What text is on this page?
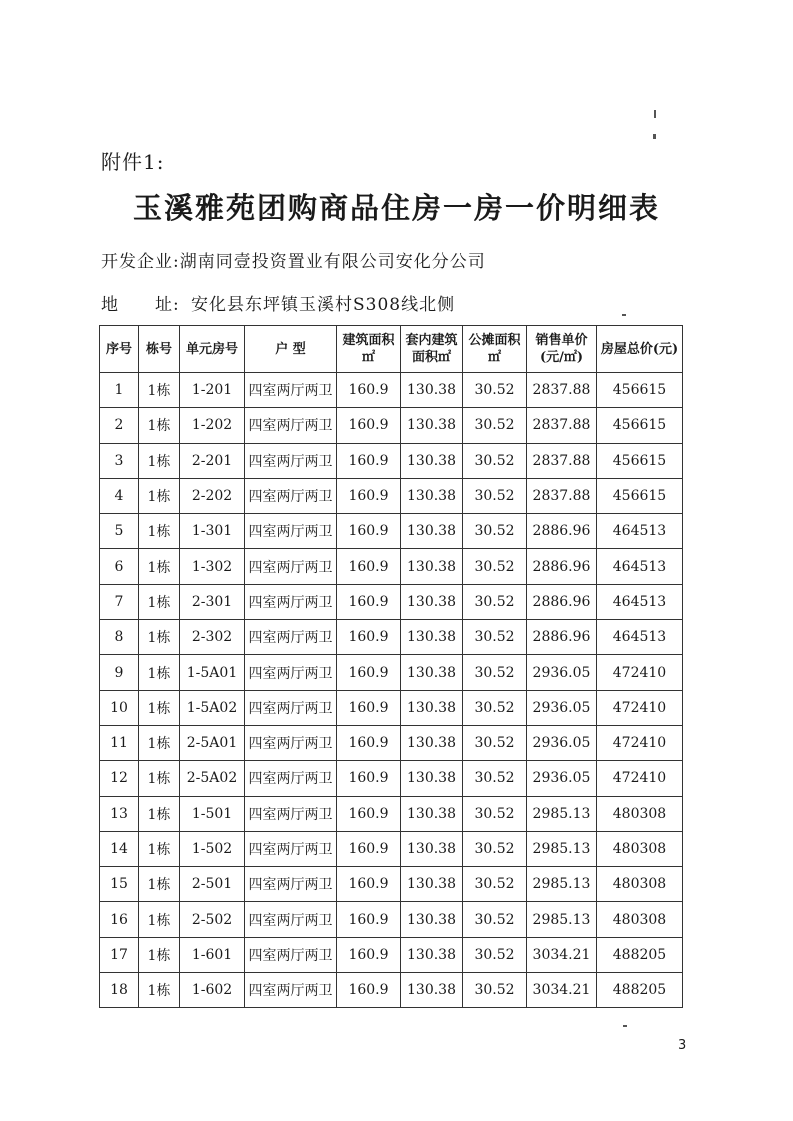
附件1:
玉溪雅苑团购商品住房一房一价明细表
开发企业:湖南同壹投资置业有限公司安化分公司
地　　址: 安化县东坪镇玉溪村S308线北侧
序号	栋号	单元房号	户 型	建筑面积㎡	套内建筑面积㎡	公摊面积㎡	销售单价(元/㎡)	房屋总价(元)
1	1栋	1-201	四室两厅两卫	160.9	130.38	30.52	2837.88	456615
2	1栋	1-202	四室两厅两卫	160.9	130.38	30.52	2837.88	456615
3	1栋	2-201	四室两厅两卫	160.9	130.38	30.52	2837.88	456615
4	1栋	2-202	四室两厅两卫	160.9	130.38	30.52	2837.88	456615
5	1栋	1-301	四室两厅两卫	160.9	130.38	30.52	2886.96	464513
6	1栋	1-302	四室两厅两卫	160.9	130.38	30.52	2886.96	464513
7	1栋	2-301	四室两厅两卫	160.9	130.38	30.52	2886.96	464513
8	1栋	2-302	四室两厅两卫	160.9	130.38	30.52	2886.96	464513
9	1栋	1-5A01	四室两厅两卫	160.9	130.38	30.52	2936.05	472410
10	1栋	1-5A02	四室两厅两卫	160.9	130.38	30.52	2936.05	472410
11	1栋	2-5A01	四室两厅两卫	160.9	130.38	30.52	2936.05	472410
12	1栋	2-5A02	四室两厅两卫	160.9	130.38	30.52	2936.05	472410
13	1栋	1-501	四室两厅两卫	160.9	130.38	30.52	2985.13	480308
14	1栋	1-502	四室两厅两卫	160.9	130.38	30.52	2985.13	480308
15	1栋	2-501	四室两厅两卫	160.9	130.38	30.52	2985.13	480308
16	1栋	2-502	四室两厅两卫	160.9	130.38	30.52	2985.13	480308
17	1栋	1-601	四室两厅两卫	160.9	130.38	30.52	3034.21	488205
18	1栋	1-602	四室两厅两卫	160.9	130.38	30.52	3034.21	488205
3
